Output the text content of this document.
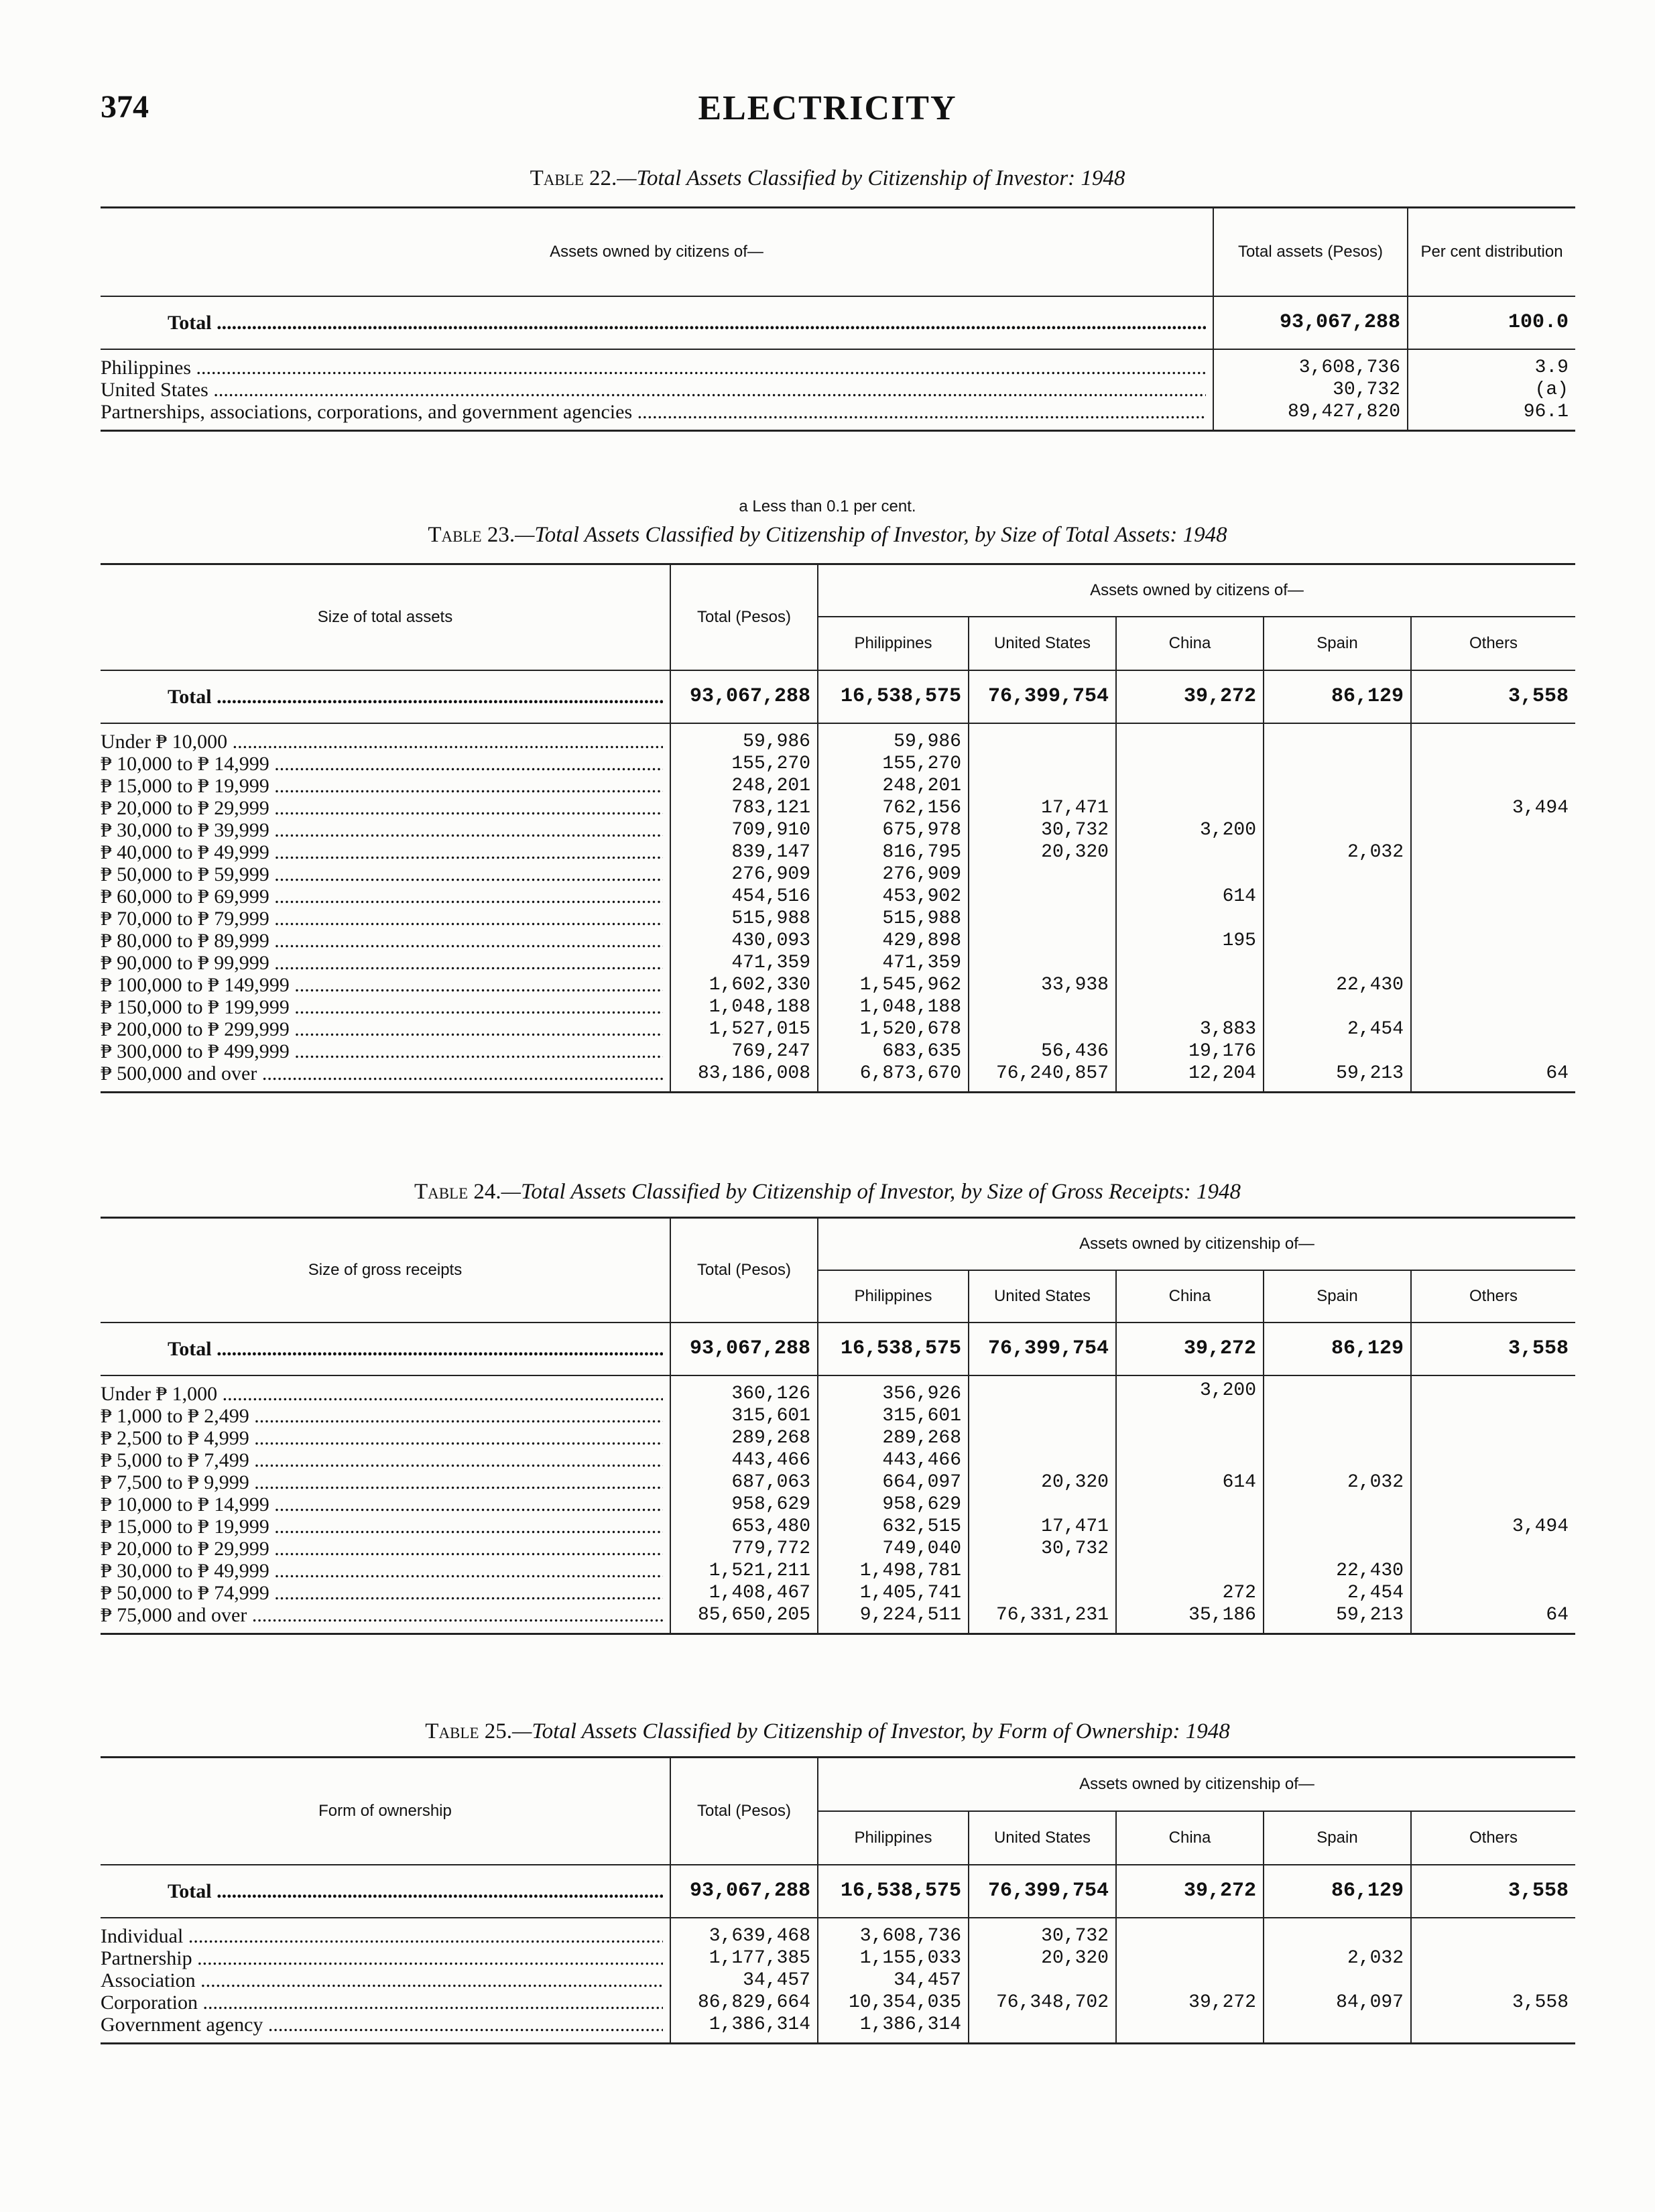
374	ELECTRICITY
Table 22.—Total Assets Classified by Citizenship of Investor: 1948
Assets owned by citizens of—	Total assets (Pesos)	Per cent distribution

Total .....	93,067,288	100.0

Philippines .....	3,608,736	3.9

United States .....	30,732	(a)

Partnerships, associations, corporations, and government agencies .....	89,427,820	96.1
a Less than 0.1 per cent.
Table 23.—Total Assets Classified by Citizenship of Investor, by Size of Total Assets: 1948
Size of total assets	Total (Pesos)	Assets owned by citizens of—				
		Philippines	United States	China	Spain	Others

Total .....	93,067,288	16,538,575	76,399,754	39,272	86,129	3,558

Under ₱ 10,000 .....	59,986	59,986				

₱ 10,000 to ₱ 14,999 .....	155,270	155,270				

₱ 15,000 to ₱ 19,999 .....	248,201	248,201				

₱ 20,000 to ₱ 29,999 .....	783,121	762,156	17,471			3,494

₱ 30,000 to ₱ 39,999 .....	709,910	675,978	30,732	3,200		

₱ 40,000 to ₱ 49,999 .....	839,147	816,795	20,320		2,032	

₱ 50,000 to ₱ 59,999 .....	276,909	276,909				

₱ 60,000 to ₱ 69,999 .....	454,516	453,902		614		

₱ 70,000 to ₱ 79,999 .....	515,988	515,988				

₱ 80,000 to ₱ 89,999 .....	430,093	429,898		195		

₱ 90,000 to ₱ 99,999 .....	471,359	471,359				

₱ 100,000 to ₱ 149,999 .....	1,602,330	1,545,962	33,938		22,430	

₱ 150,000 to ₱ 199,999 .....	1,048,188	1,048,188				

₱ 200,000 to ₱ 299,999 .....	1,527,015	1,520,678		3,883	2,454	

₱ 300,000 to ₱ 499,999 .....	769,247	683,635	56,436	19,176		

₱ 500,000 and over .....	83,186,008	6,873,670	76,240,857	12,204	59,213	64
Table 24.—Total Assets Classified by Citizenship of Investor, by Size of Gross Receipts: 1948
Size of gross receipts	Total (Pesos)	Assets owned by citizenship of—				
		Philippines	United States	China	Spain	Others

Total .....	93,067,288	16,538,575	76,399,754	39,272	86,129	3,558

Under ₱ 1,000 .....	360,126	356,926		3,200		

₱ 1,000 to ₱ 2,499 .....	315,601	315,601				

₱ 2,500 to ₱ 4,999 .....	289,268	289,268				

₱ 5,000 to ₱ 7,499 .....	443,466	443,466				

₱ 7,500 to ₱ 9,999 .....	687,063	664,097	20,320	614	2,032	

₱ 10,000 to ₱ 14,999 .....	958,629	958,629				

₱ 15,000 to ₱ 19,999 .....	653,480	632,515	17,471			3,494

₱ 20,000 to ₱ 29,999 .....	779,772	749,040	30,732			

₱ 30,000 to ₱ 49,999 .....	1,521,211	1,498,781			22,430	

₱ 50,000 to ₱ 74,999 .....	1,408,467	1,405,741		272	2,454	

₱ 75,000 and over .....	85,650,205	9,224,511	76,331,231	35,186	59,213	64
Table 25.—Total Assets Classified by Citizenship of Investor, by Form of Ownership: 1948
Form of ownership	Total (Pesos)	Assets owned by citizenship of—				
		Philippines	United States	China	Spain	Others

Total .....	93,067,288	16,538,575	76,399,754	39,272	86,129	3,558

Individual .....	3,639,468	3,608,736	30,732			

Partnership .....	1,177,385	1,155,033	20,320		2,032	

Association .....	34,457	34,457				

Corporation .....	86,829,664	10,354,035	76,348,702	39,272	84,097	3,558

Government agency .....	1,386,314	1,386,314				
